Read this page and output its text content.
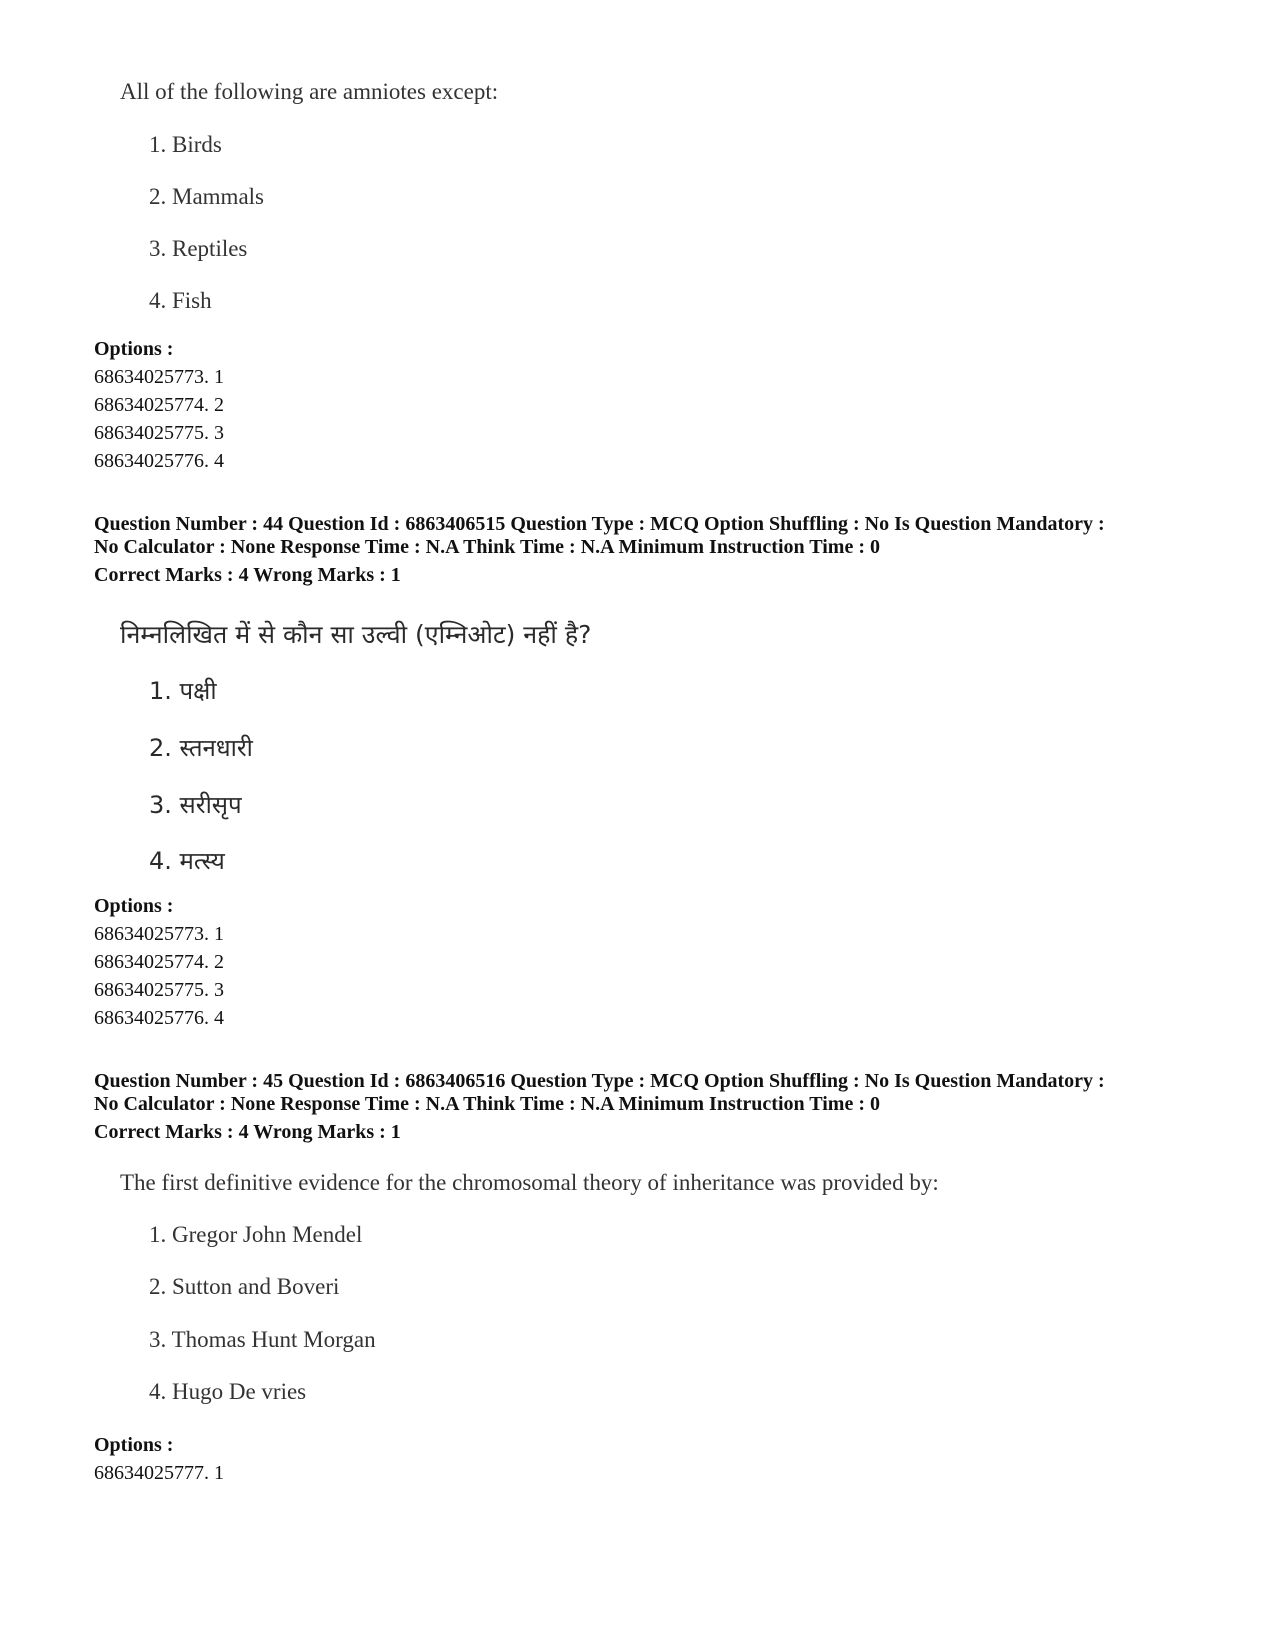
All of the following are amniotes except:
1. Birds
2. Mammals
3. Reptiles
4. Fish
Options :
68634025773. 1
68634025774. 2
68634025775. 3
68634025776. 4
Question Number : 44 Question Id : 6863406515 Question Type : MCQ Option Shuffling : No Is Question Mandatory :
No Calculator : None Response Time : N.A Think Time : N.A Minimum Instruction Time : 0
Correct Marks : 4 Wrong Marks : 1
निम्नलिखित में से कौन सा उल्वी (एम्निओट) नहीं है?
1. पक्षी
2. स्तनधारी
3. सरीसृप
4. मत्स्य
Options :
68634025773. 1
68634025774. 2
68634025775. 3
68634025776. 4
Question Number : 45 Question Id : 6863406516 Question Type : MCQ Option Shuffling : No Is Question Mandatory :
No Calculator : None Response Time : N.A Think Time : N.A Minimum Instruction Time : 0
Correct Marks : 4 Wrong Marks : 1
The first definitive evidence for the chromosomal theory of inheritance was provided by:
1. Gregor John Mendel
2. Sutton and Boveri
3. Thomas Hunt Morgan
4. Hugo De vries
Options :
68634025777. 1
